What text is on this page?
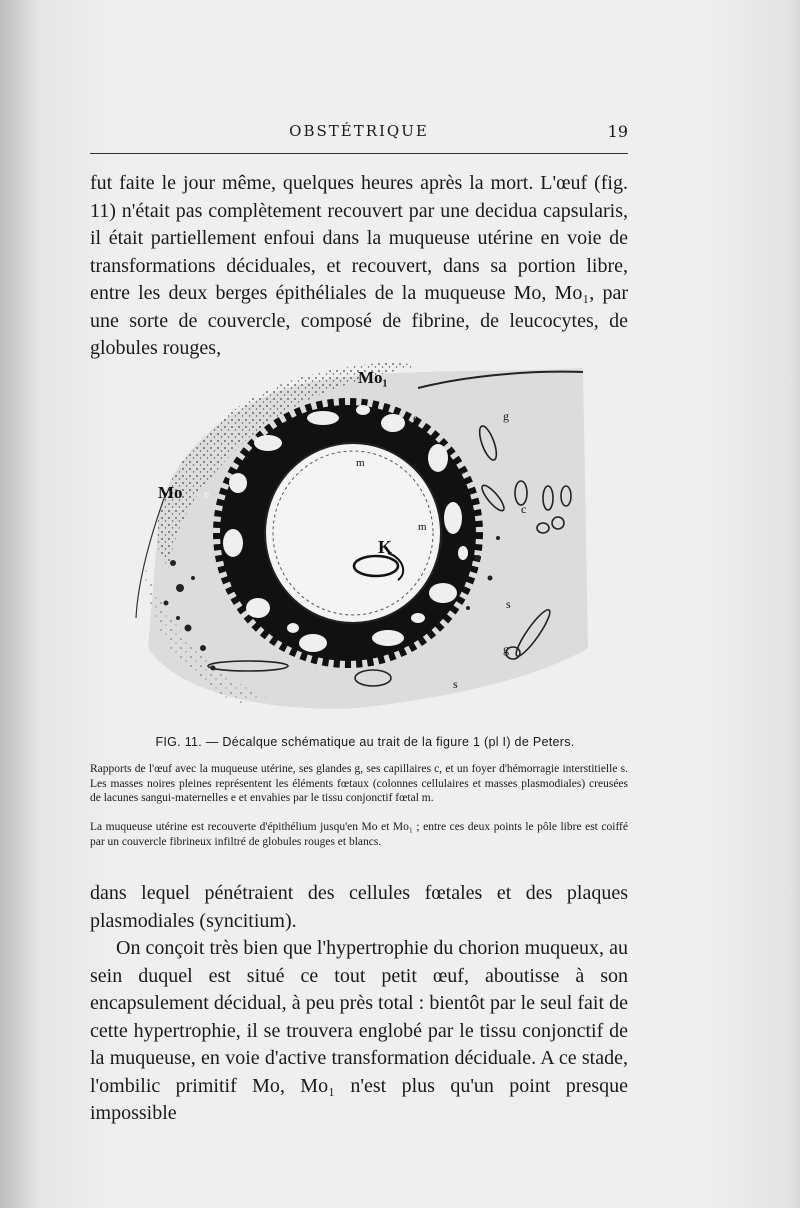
OBSTÉTRIQUE	19

fut faite le jour même, quelques heures après la mort. L'œuf (fig. 11) n'était pas complètement recouvert par une decidua capsularis, il était partiellement enfoui dans la muqueuse utérine en voie de transformations déciduales, et recouvert, dans sa portion libre, entre les deux berges épithéliales de la muqueuse Mo, Mo₁, par une sorte de couvercle, composé de fibrine, de leucocytes, de globules rouges,

Mo₁
Mo
K
m
m
m
e
e	g
g
c
s
s
FIG. 11. — Décalque schématique au trait de la figure 1 (pl I) de Peters.

Rapports de l'œuf avec la muqueuse utérine, ses glandes g, ses capillaires c, et un foyer d'hémorragie interstitielle s. Les masses noires pleines représentent les éléments fœtaux (colonnes cellulaires et masses plasmodiales) creusées de lacunes sangui-maternelles e et envahies par le tissu conjonctif fœtal m.

La muqueuse utérine est recouverte d'épithélium jusqu'en Mo et Mo₁ ; entre ces deux points le pôle libre est coiffé par un couvercle fibrineux infiltré de globules rouges et blancs.

dans lequel pénétraient des cellules fœtales et des plaques plasmodiales (syncitium).

On conçoit très bien que l'hypertrophie du chorion muqueux, au sein duquel est situé ce tout petit œuf, aboutisse à son encapsulement décidual, à peu près total : bientôt par le seul fait de cette hypertrophie, il se trouvera englobé par le tissu conjonctif de la muqueuse, en voie d'active transformation déciduale. A ce stade, l'ombilic primitif Mo, Mo₁ n'est plus qu'un point presque impossible
